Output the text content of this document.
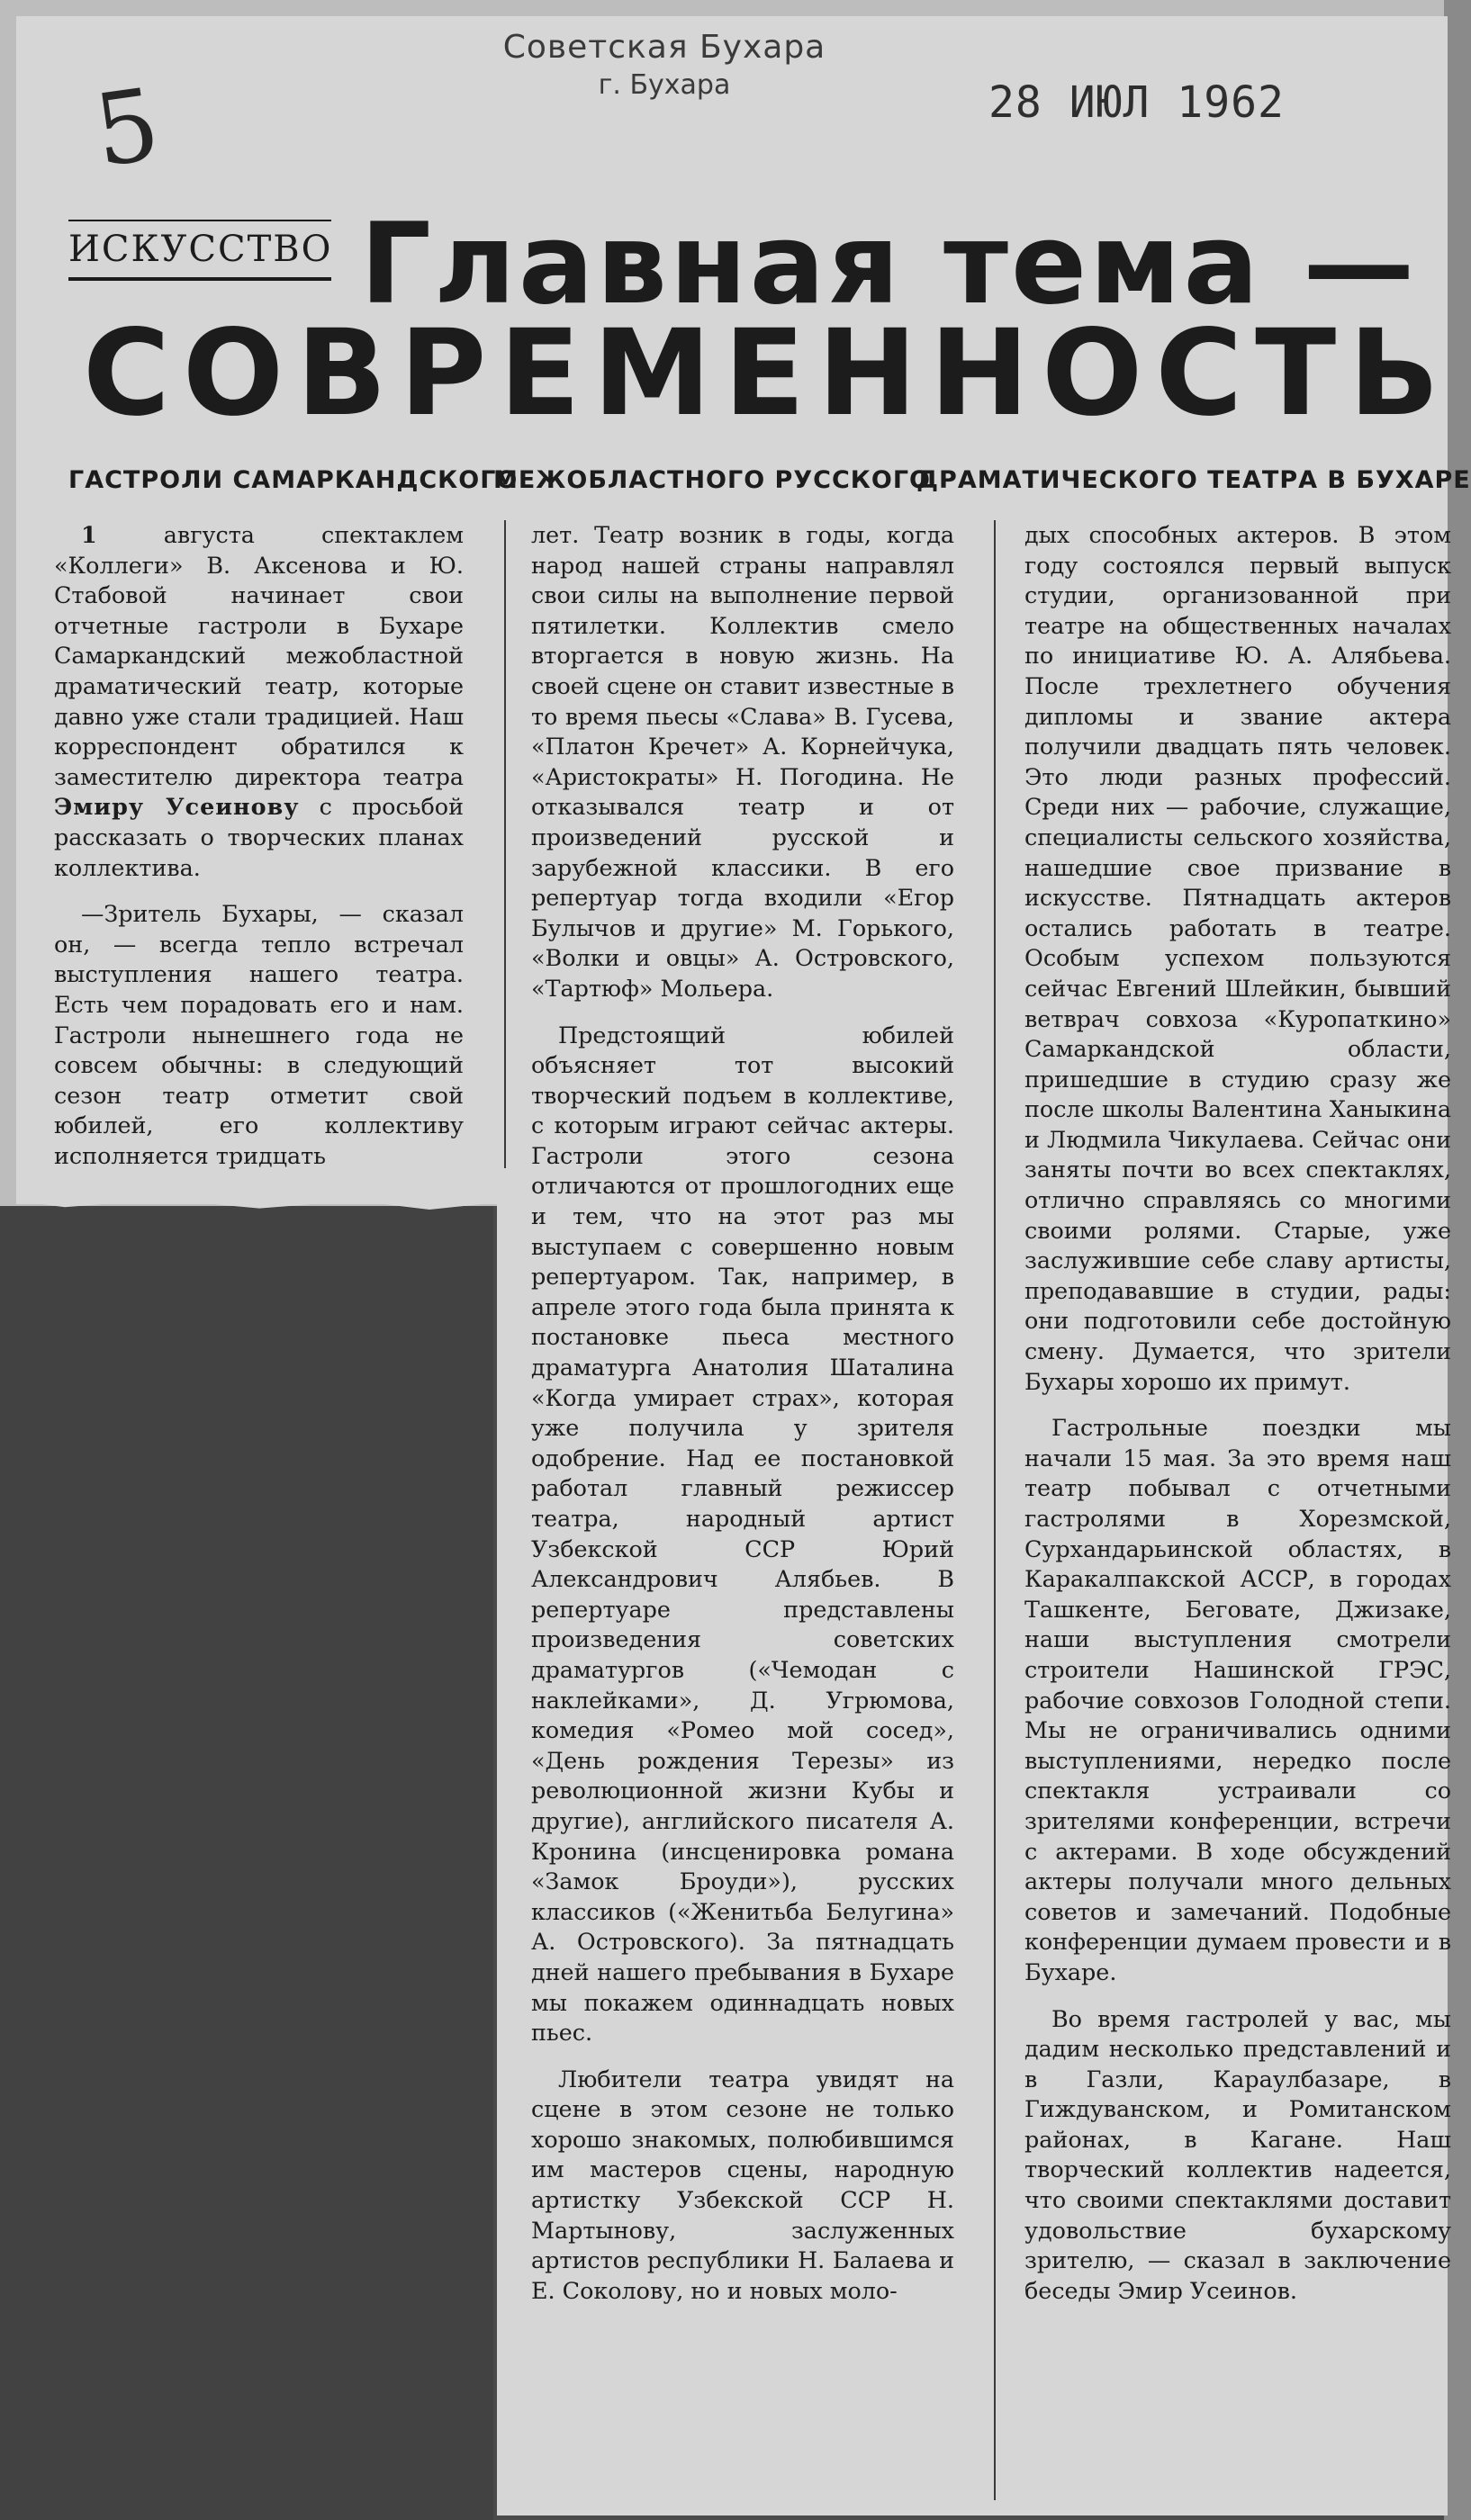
5
Советская Бухара
г. Бухара	28 ИЮЛ 1962
ИСКУССТВО Главная тема —
СОВРЕМЕННОСТЬ
ГАСТРОЛИ САМАРКАНДСКОГО
МЕЖОБЛАСТНОГО РУССКОГО
ДРАМАТИЧЕСКОГО ТЕАТРА В БУХАРЕ

1 августа спектаклем «Коллеги» В. Аксенова и Ю. Стабовой начинает свои отчетные гастроли в Бухаре Самаркандский межобластной драматический театр, которые давно уже стали традицией. Наш корреспондент обратился к заместителю директора театра Эмиру Усеинову с просьбой рассказать о творческих планах коллектива.

—Зритель Бухары, — сказал он, — всегда тепло встречал выступления нашего театра. Есть чем порадовать его и нам. Гастроли нынешнего года не совсем обычны: в следующий сезон театр отметит свой юбилей, его коллективу исполняется тридцать

лет. Театр возник в годы, когда народ нашей страны направлял свои силы на выполнение первой пятилетки. Коллектив смело вторгается в новую жизнь. На своей сцене он ставит известные в то время пьесы «Слава» В. Гусева, «Платон Кречет» А. Корнейчука, «Аристократы» Н. Погодина. Не отказывался театр и от произведений русской и зарубежной классики. В его репертуар тогда входили «Егор Булычов и другие» М. Горького, «Волки и овцы» А. Островского, «Тартюф» Мольера.

Предстоящий юбилей объясняет тот высокий творческий подъем в коллективе, с которым играют сейчас актеры. Гастроли этого сезона отличаются от прошлогодних еще и тем, что на этот раз мы выступаем с совершенно новым репертуаром. Так, например, в апреле этого года была принята к постановке пьеса местного драматурга Анатолия Шаталина «Когда умирает страх», которая уже получила у зрителя одобрение. Над ее постановкой работал главный режиссер театра, народный артист Узбекской ССР Юрий Александрович Алябьев. В репертуаре представлены произведения советских драматургов («Чемодан с наклейками», Д. Угрюмова, комедия «Ромео мой сосед», «День рождения Терезы» из революционной жизни Кубы и другие), английского писателя А. Кронина (инсценировка романа «Замок Броуди»), русских классиков («Женитьба Белугина» А. Островского). За пятнадцать дней нашего пребывания в Бухаре мы покажем одиннадцать новых пьес.

Любители театра увидят на сцене в этом сезоне не только хорошо знакомых, полюбившимся им мастеров сцены, народную артистку Узбекской ССР Н. Мартынову, заслуженных артистов республики Н. Балаева и Е. Соколову, но и новых моло-

дых способных актеров. В этом году состоялся первый выпуск студии, организованной при театре на общественных началах по инициативе Ю. А. Алябьева. После трехлетнего обучения дипломы и звание актера получили двадцать пять человек. Это люди разных профессий. Среди них — рабочие, служащие, специалисты сельского хозяйства, нашедшие свое призвание в искусстве. Пятнадцать актеров остались работать в театре. Особым успехом пользуются сейчас Евгений Шлейкин, бывший ветврач совхоза «Куропаткино» Самаркандской области, пришедшие в студию сразу же после школы Валентина Ханыкина и Людмила Чикулаева. Сейчас они заняты почти во всех спектаклях, отлично справляясь со многими своими ролями. Старые, уже заслужившие себе славу артисты, преподававшие в студии, рады: они подготовили себе достойную смену. Думается, что зрители Бухары хорошо их примут.

Гастрольные поездки мы начали 15 мая. За это время наш театр побывал с отчетными гастролями в Хорезмской, Сурхандарьинской областях, в Каракалпакской АССР, в городах Ташкенте, Беговате, Джизаке, наши выступления смотрели строители Нашинской ГРЭС, рабочие совхозов Голодной степи. Мы не ограничивались одними выступлениями, нередко после спектакля устраивали со зрителями конференции, встречи с актерами. В ходе обсуждений актеры получали много дельных советов и замечаний. Подобные конференции думаем провести и в Бухаре.

Во время гастролей у вас, мы дадим несколько представлений и в Газли, Караулбазаре, в Гиждуванском, и Ромитанском районах, в Кагане. Наш творческий коллектив надеется, что своими спектаклями доставит удовольствие бухарскому зрителю, — сказал в заключение беседы Эмир Усеинов.
